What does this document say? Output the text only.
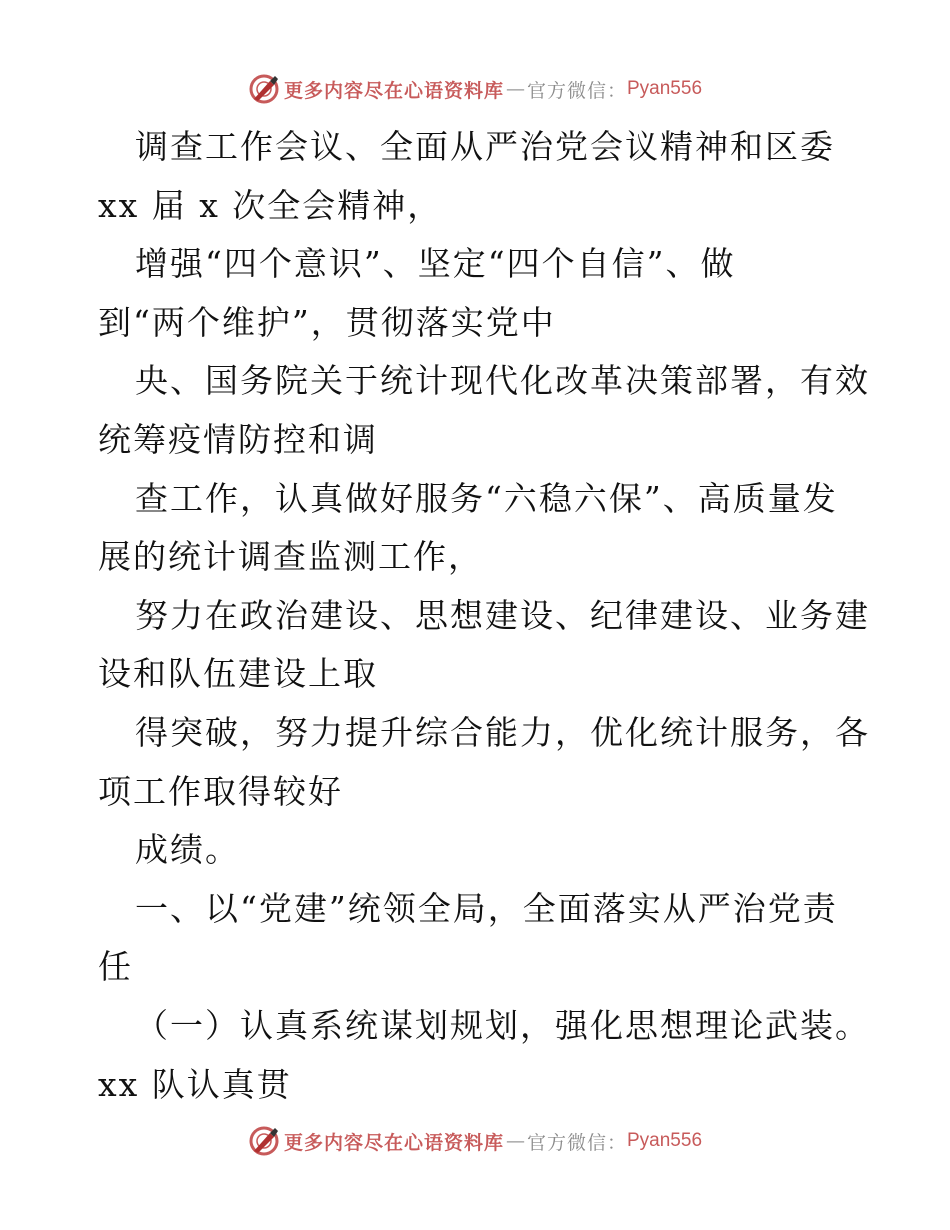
更多内容尽在心语资料库 — 官方微信： Pyan556

调查工作会议、全面从严治党会议精神和区委

xx 届 x 次全会精神，

增强“四个意识”、坚定“四个自信”、做

到“两个维护”，贯彻落实党中

央、国务院关于统计现代化改革决策部署，有效

统筹疫情防控和调

查工作，认真做好服务“六稳六保”、高质量发

展的统计调查监测工作，

努力在政治建设、思想建设、纪律建设、业务建

设和队伍建设上取

得突破，努力提升综合能力，优化统计服务，各

项工作取得较好

成绩。

一、以“党建”统领全局，全面落实从严治党责

任

（一）认真系统谋划规划，强化思想理论武装。

xx 队认真贯

更多内容尽在心语资料库 — 官方微信： Pyan556
